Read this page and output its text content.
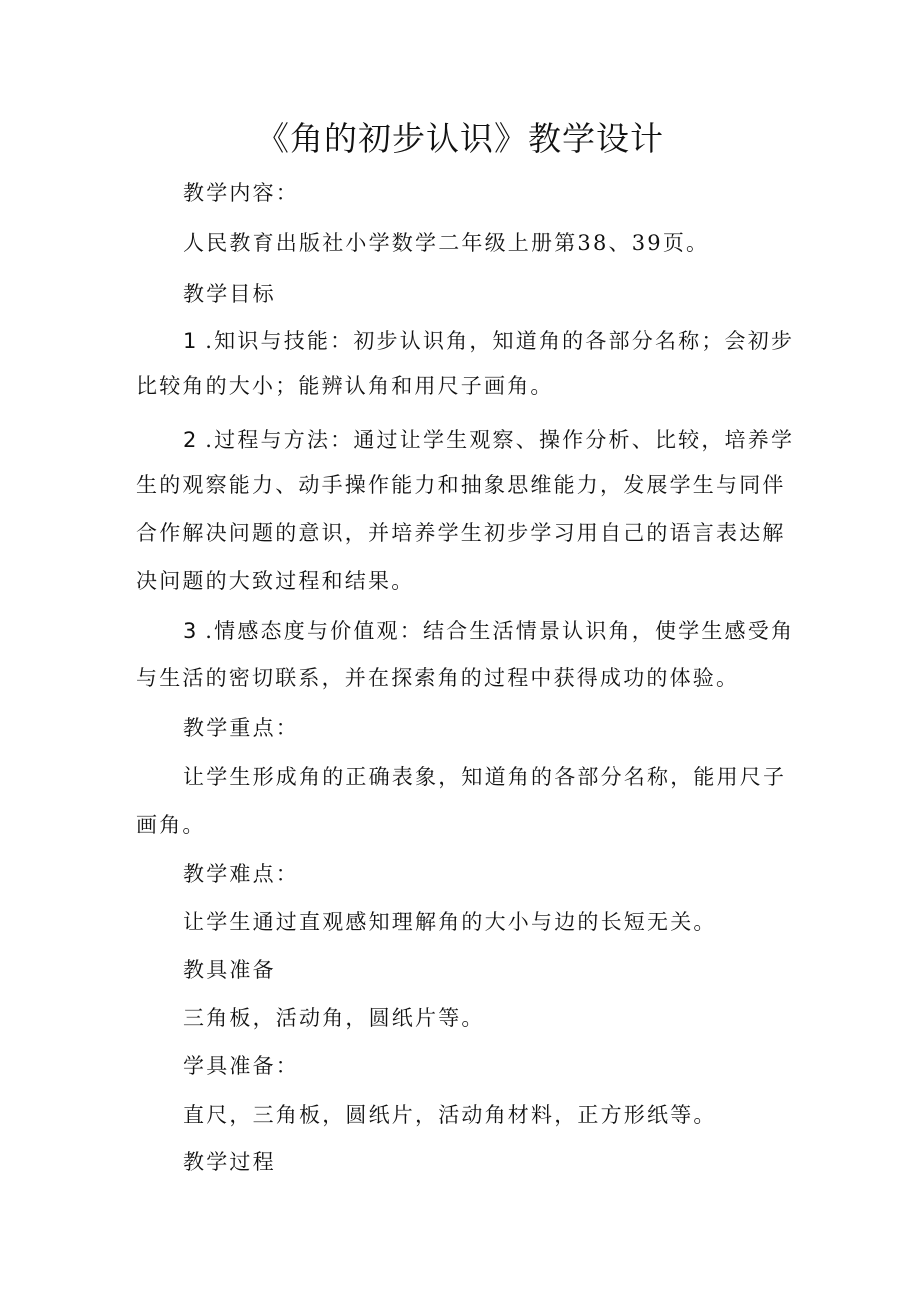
《角的初步认识》教学设计

教学内容：

人民教育出版社小学数学二年级上册第38、39页。

教学目标

1 .知识与技能：初步认识角，知道角的各部分名称；会初步

比较角的大小；能辨认角和用尺子画角。

2 .过程与方法：通过让学生观察、操作分析、比较，培养学

生的观察能力、动手操作能力和抽象思维能力，发展学生与同伴

合作解决问题的意识，并培养学生初步学习用自己的语言表达解

决问题的大致过程和结果。

3 .情感态度与价值观：结合生活情景认识角，使学生感受角

与生活的密切联系，并在探索角的过程中获得成功的体验。

教学重点：

让学生形成角的正确表象，知道角的各部分名称，能用尺子

画角。

教学难点：

让学生通过直观感知理解角的大小与边的长短无关。

教具准备

三角板，活动角，圆纸片等。

学具准备：

直尺，三角板，圆纸片，活动角材料，正方形纸等。

教学过程
